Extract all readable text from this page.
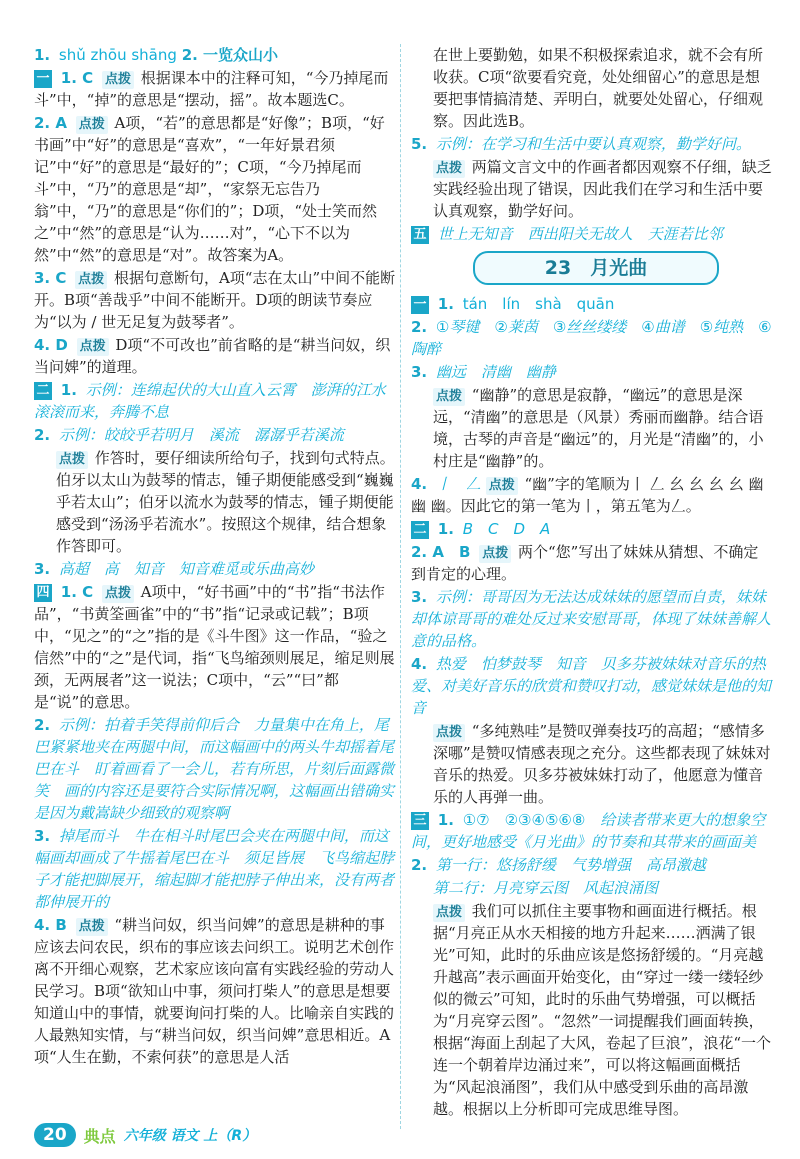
1. shǔ zhōu shāng 2. 一览众山小

一 1. C 点拨 根据课本中的注释可知，“今乃掉尾而斗”中，“掉”的意思是“摆动，摇”。故本题选C。

2. A 点拨 A项，“若”的意思都是“好像”；B项，“好书画”中“好”的意思是“喜欢”，“一年好景君须记”中“好”的意思是“最好的”；C项，“今乃掉尾而斗”中，“乃”的意思是“却”，“家祭无忘告乃翁”中，“乃”的意思是“你们的”；D项，“处士笑而然之”中“然”的意思是“认为……对”，“心下不以为然”中“然”的意思是“对”。故答案为A。

3. C 点拨 根据句意断句，A项“志在太山”中间不能断开。B项“善哉乎”中间不能断开。D项的朗读节奏应为“以为 / 世无足复为鼓琴者”。

4. D 点拨 D项“不可改也”前省略的是“耕当问奴，织当问婢”的道理。

二 1. 示例：连绵起伏的大山直入云霄　澎湃的江水滚滚而来，奔腾不息

2. 示例：皎皎乎若明月　溪流　潺潺乎若溪流

点拨 作答时，要仔细读所给句子，找到句式特点。伯牙以太山为鼓琴的情志，锺子期便能感受到“巍巍乎若太山”；伯牙以流水为鼓琴的情志，锺子期便能感受到“汤汤乎若流水”。按照这个规律，结合想象作答即可。

3. 高超　高　知音　知音难觅或乐曲高妙

四 1. C 点拨 A项中，“好书画”中的“书”指“书法作品”，“书黄筌画雀”中的“书”指“记录或记载”；B项中，“见之”的“之”指的是《斗牛图》这一作品，“验之信然”中的“之”是代词，指“飞鸟缩颈则展足，缩足则展颈，无两展者”这一说法；C项中，“云”“曰”都是“说”的意思。

2. 示例：拍着手笑得前仰后合　力量集中在角上，尾巴紧紧地夹在两腿中间，而这幅画中的两头牛却摇着尾巴在斗　盯着画看了一会儿，若有所思，片刻后面露微笑　画的内容还是要符合实际情况啊，这幅画出错确实是因为戴嵩缺少细致的观察啊

3. 掉尾而斗　牛在相斗时尾巴会夹在两腿中间，而这幅画却画成了牛摇着尾巴在斗　须足皆展　飞鸟缩起脖子才能把脚展开，缩起脚才能把脖子伸出来，没有两者都伸展开的

4. B 点拨 “耕当问奴，织当问婢”的意思是耕种的事应该去问农民，织布的事应该去问织工。说明艺术创作离不开细心观察，艺术家应该向富有实践经验的劳动人民学习。B项“欲知山中事，须问打柴人”的意思是想要知道山中的事情，就要询问打柴的人。比喻亲自实践的人最熟知实情，与“耕当问奴，织当问婢”意思相近。A项“人生在勤，不索何获”的意思是人活

在世上要勤勉，如果不积极探索追求，就不会有所收获。C项“欲要看究竟，处处细留心”的意思是想要把事情搞清楚、弄明白，就要处处留心，仔细观察。因此选B。

5. 示例：在学习和生活中要认真观察，勤学好问。

点拨 两篇文言文中的作画者都因观察不仔细，缺乏实践经验出现了错误，因此我们在学习和生活中要认真观察，勤学好问。

五 世上无知音　西出阳关无故人　天涯若比邻

23　月光曲

一 1. tán　lín　shà　quān

2. ①琴键　②莱茵　③丝丝缕缕　④曲谱　⑤纯熟　⑥陶醉

3. 幽远　清幽　幽静

点拨 “幽静”的意思是寂静，“幽远”的意思是深远，“清幽”的意思是（风景）秀丽而幽静。结合语境，古琴的声音是“幽远”的，月光是“清幽”的，小村庄是“幽静”的。

4. 丨　𠃋 点拨 “幽”字的笔顺为丨 𠃋 幺 幺 幺 幺 幽 幽 幽。因此它的第一笔为丨，第五笔为𠃋。

二 1. B　C　D　A

2. A　B 点拨 两个“您”写出了妹妹从猜想、不确定到肯定的心理。

3. 示例：哥哥因为无法达成妹妹的愿望而自责，妹妹却体谅哥哥的难处反过来安慰哥哥，体现了妹妹善解人意的品格。

4. 热爱　怕梦鼓琴　知音　贝多芬被妹妹对音乐的热爱、对美好音乐的欣赏和赞叹打动，感觉妹妹是他的知音

点拨 “多纯熟哇”是赞叹弹奏技巧的高超；“感情多深哪”是赞叹情感表现之充分。这些都表现了妹妹对音乐的热爱。贝多芬被妹妹打动了，他愿意为懂音乐的人再弹一曲。

三 1. ①⑦　②③④⑤⑥⑧　给读者带来更大的想象空间，更好地感受《月光曲》的节奏和其带来的画面美

2. 第一行：悠扬舒缓　气势增强　高昂激越

第二行：月亮穿云图　风起浪涌图

点拨 我们可以抓住主要事物和画面进行概括。根据“月亮正从水天相接的地方升起来……洒满了银光”可知，此时的乐曲应该是悠扬舒缓的。“月亮越升越高”表示画面开始变化，由“穿过一缕一缕轻纱似的微云”可知，此时的乐曲气势增强，可以概括为“月亮穿云图”。“忽然”一词提醒我们画面转换，根据“海面上刮起了大风，卷起了巨浪”，浪花“一个连一个朝着岸边涌过来”，可以将这幅画面概括为“风起浪涌图”，我们从中感受到乐曲的高昂激越。根据以上分析即可完成思维导图。

20	典点 六年级 语文 上（R）
